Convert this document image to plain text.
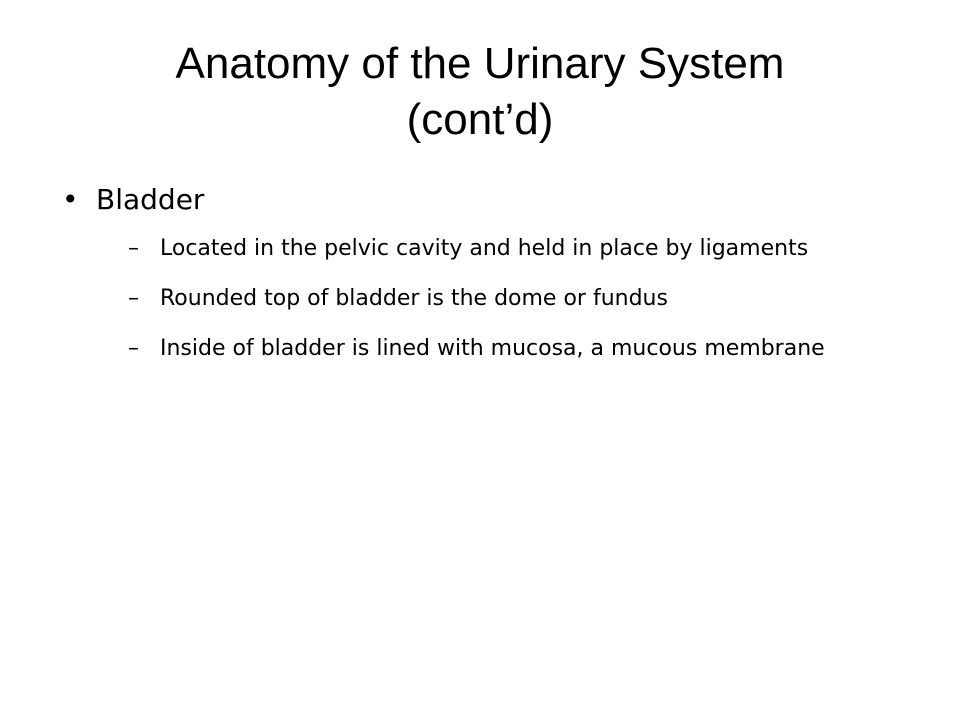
Anatomy of the Urinary System
(cont’d)
• Bladder
– Located in the pelvic cavity and held in place by ligaments
– Rounded top of bladder is the dome or fundus
– Inside of bladder is lined with mucosa, a mucous membrane
